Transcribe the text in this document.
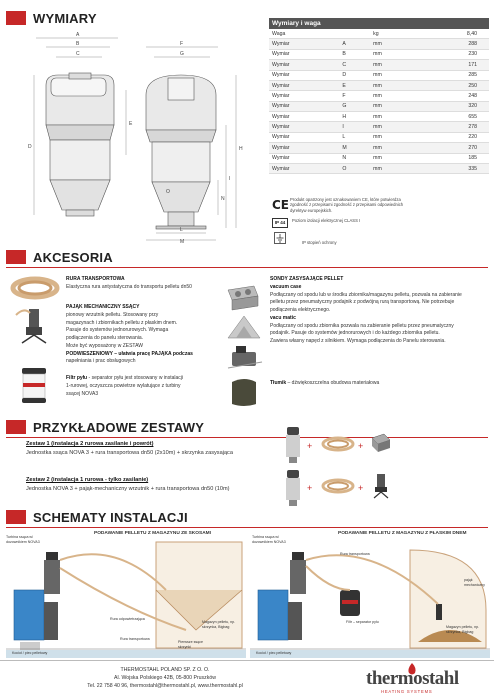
WYMIARY
A
B
C
D
E
F
G
H
I
L
M
N
O
Wymiary i waga			
Waga		kg	8,40
Wymiar	A	mm	288
Wymiar	B	mm	230
Wymiar	C	mm	171
Wymiar	D	mm	285
Wymiar	E	mm	250
Wymiar	F	mm	248
Wymiar	G	mm	320
Wymiar	H	mm	655
Wymiar	I	mm	278
Wymiar	L	mm	220
Wymiar	M	mm	270
Wymiar	N	mm	185
Wymiar	O	mm	335
CE Produkt opatrzony jest oznakowaniem CE, które potwierdza zgodność z przepisami zgodność z przepisami odpowiednich dyrektyw europejskich.
IP 44	Poziom izolacji elektrycznej CLASS I
IP stopień ochrony
AKCESORIA
RURA TRANSPORTOWA
Elastyczna rura antystatyczna do transportu pelletu dn50
PAJĄK MECHANICZNY SSĄCY
pionowy wrzutnik pelletu. Stosowany przy
magazynach i zbiornikach pelletu z płaskim dnem.
Pasuje do systemów jednorurowych. Wymaga
podłączenia do panelu sterowania.
Może być wyposażony w ZESTAW
PODWIESZENIOWY – ułatwia pracę PAJĄKA podczas
napełniania i prac obsługowych
Filtr pyłu - separator pyłu jest stosowany w instalacji
1-rurowej, oczyszcza powietrze wylatujące z turbiny
ssącej NOVA3
SONDY ZASYSAJĄCE PELLET
vacuum case
Podłączany od spodu lub w środku zbiornika/magazynu pelletu, pozwala na zabieranie
pelletu przez pneumatyczny podajnik z podwójną rurą transportową. Nie potrzebuje
podłączenia elektrycznego.
vacu matic
Podłączany od spodu zbiornika pozwala na zabieranie pelletu przez pneumatyczny
podajnik. Pasuje do systemów jednorurowych i do każdego zbiornika pelletu.
Zawiera własny napęd z silnikiem. Wymaga podłączenia do Panelu sterowania.
Tłumik – dźwiękoszczelna obudowa materiałowa
PRZYKŁADOWE ZESTAWY
Zestaw 1 (instalacja 2 rurowa zasilanie i powrót)
Jednostka ssąca NOVA 3 + rura transportowa dn50 (2x10m) + skrzynka zasysająca
Zestaw 2 (instalacja 1 rurowa - tylko zasilanie)
Jednostka NOVA 3 + pająk-mechaniczny wrzutnik + rura transportowa dn50 (10m)
+	+
+	+
SCHEMATY INSTALACJI
PODAWANIE PELLETU Z MAGAZYNU ZE SKOSAMI
Turbina ssąca w/ dozownikiem NOVA3
Rura odpowietrzająca
Rura transportowa
Magazyn pelletu, np. skrzynka, Bigbag
Pierwsze ssące skrzynki
Kocioł / piec pelletowy
PODAWANIE PELLETU Z MAGAZYNU Z PŁASKIM DNEM
Turbina ssąca w/ dozownikiem NOVA3
Rura transportowa
Filtr – separator pyłu
pająk mechaniczny
Magazyn pelletu, np. skrzynka, Bigbag
Kocioł / piec pelletowy
THERMOSTAHL POLAND SP. Z O. O.
Al. Wojska Polskiego 42B, 05-800 Pruszków
Tel. 22 758 40 96, thermostahl@thermostahl.pl, www.thermostahl.pl	thermostahl
HEATING SYSTEMS
